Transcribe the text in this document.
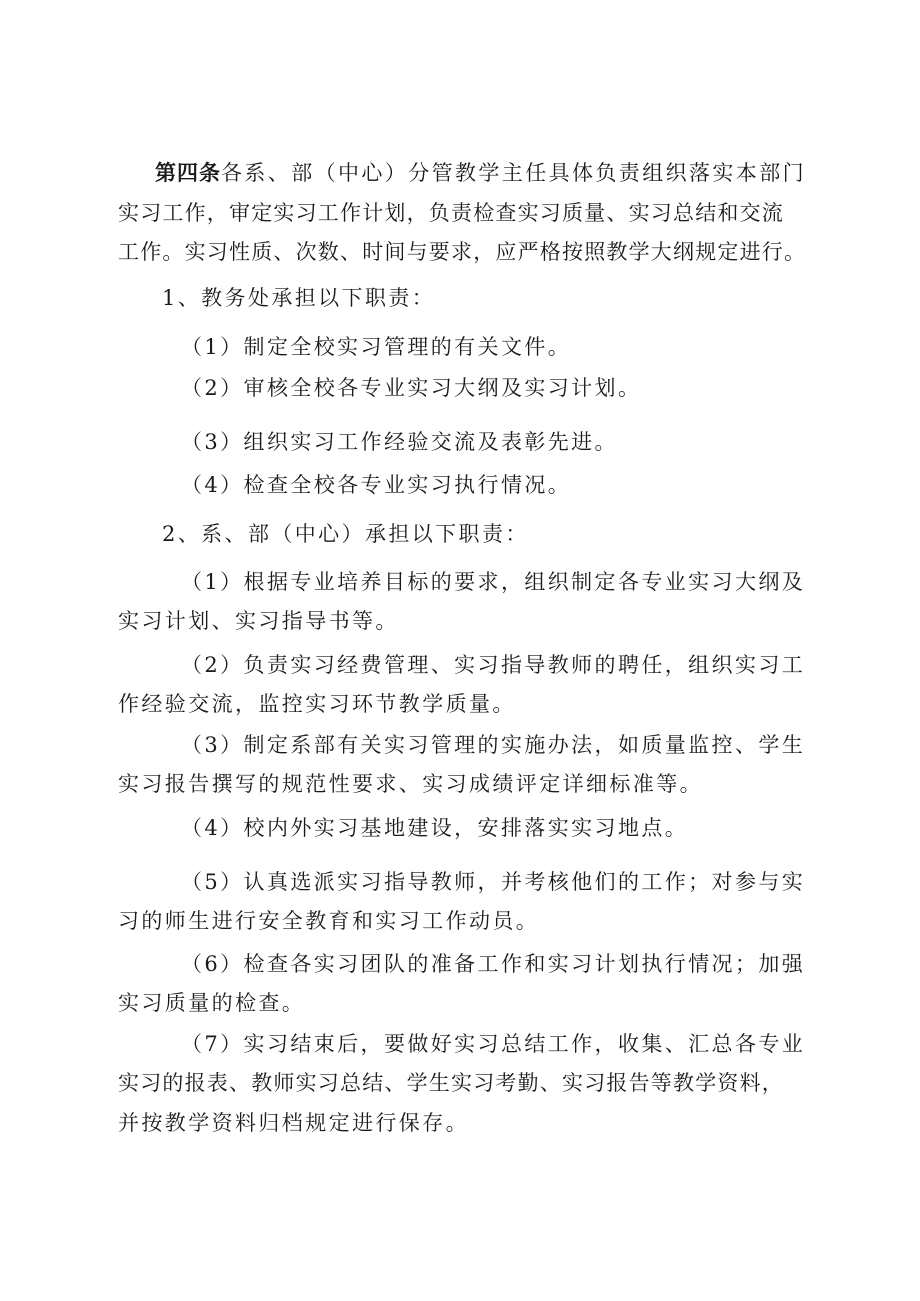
第四条各系、部（中心）分管教学主任具体负责组织落实本部门
实习工作，审定实习工作计划，负责检查实习质量、实习总结和交流
工作。实习性质、次数、时间与要求，应严格按照教学大纲规定进行。
1、教务处承担以下职责：
（1）制定全校实习管理的有关文件。
（2）审核全校各专业实习大纲及实习计划。
（3）组织实习工作经验交流及表彰先进。
（4）检查全校各专业实习执行情况。
2、系、部（中心）承担以下职责：
（1）根据专业培养目标的要求，组织制定各专业实习大纲及
实习计划、实习指导书等。
（2）负责实习经费管理、实习指导教师的聘任，组织实习工
作经验交流，监控实习环节教学质量。
（3）制定系部有关实习管理的实施办法，如质量监控、学生
实习报告撰写的规范性要求、实习成绩评定详细标准等。
（4）校内外实习基地建设，安排落实实习地点。
（5）认真选派实习指导教师，并考核他们的工作；对参与实
习的师生进行安全教育和实习工作动员。
（6）检查各实习团队的准备工作和实习计划执行情况；加强
实习质量的检查。
（7）实习结束后，要做好实习总结工作，收集、汇总各专业
实习的报表、教师实习总结、学生实习考勤、实习报告等教学资料，
并按教学资料归档规定进行保存。
